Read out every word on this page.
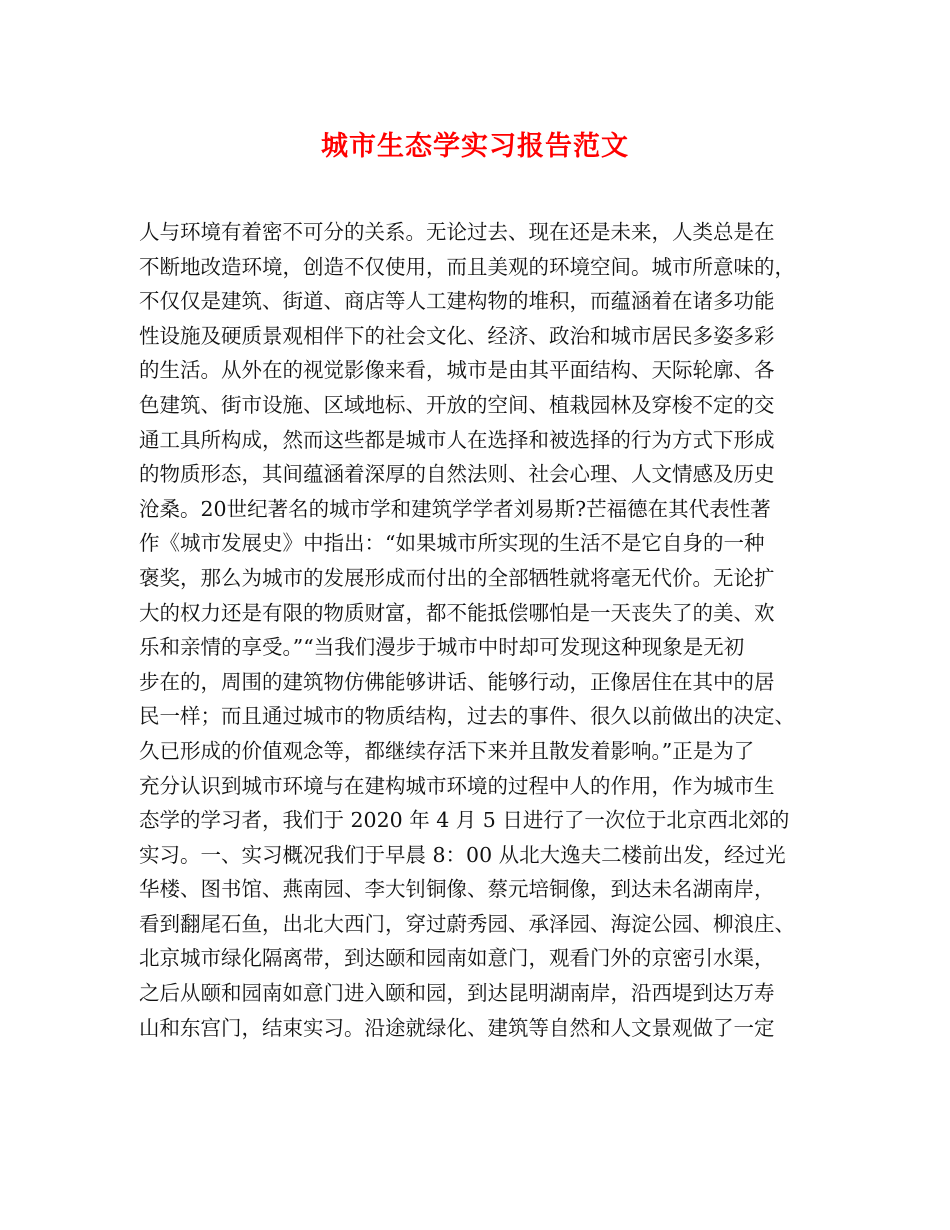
城市生态学实习报告范文
人与环境有着密不可分的关系。无论过去、现在还是未来，人类总是在
不断地改造环境，创造不仅使用，而且美观的环境空间。城市所意味的，
不仅仅是建筑、街道、商店等人工建构物的堆积，而蕴涵着在诸多功能
性设施及硬质景观相伴下的社会文化、经济、政治和城市居民多姿多彩
的生活。从外在的视觉影像来看，城市是由其平面结构、天际轮廓、各
色建筑、街市设施、区域地标、开放的空间、植栽园林及穿梭不定的交
通工具所构成，然而这些都是城市人在选择和被选择的行为方式下形成
的物质形态，其间蕴涵着深厚的自然法则、社会心理、人文情感及历史
沧桑。20世纪著名的城市学和建筑学学者刘易斯?芒福德在其代表性著
作《城市发展史》中指出：“如果城市所实现的生活不是它自身的一种
褒奖，那么为城市的发展形成而付出的全部牺牲就将毫无代价。无论扩
大的权力还是有限的物质财富，都不能抵偿哪怕是一天丧失了的美、欢
乐和亲情的享受。”“当我们漫步于城市中时却可发现这种现象是无初
步在的，周围的建筑物仿佛能够讲话、能够行动，正像居住在其中的居
民一样；而且通过城市的物质结构，过去的事件、很久以前做出的决定、
久已形成的价值观念等，都继续存活下来并且散发着影响。”正是为了
充分认识到城市环境与在建构城市环境的过程中人的作用，作为城市生
态学的学习者，我们于 2020 年 4 月 5 日进行了一次位于北京西北郊的
实习。一、实习概况我们于早晨 8：00 从北大逸夫二楼前出发，经过光
华楼、图书馆、燕南园、李大钊铜像、蔡元培铜像，到达未名湖南岸，
看到翻尾石鱼，出北大西门，穿过蔚秀园、承泽园、海淀公园、柳浪庄、
北京城市绿化隔离带，到达颐和园南如意门，观看门外的京密引水渠，
之后从颐和园南如意门进入颐和园，到达昆明湖南岸，沿西堤到达万寿
山和东宫门，结束实习。沿途就绿化、建筑等自然和人文景观做了一定
